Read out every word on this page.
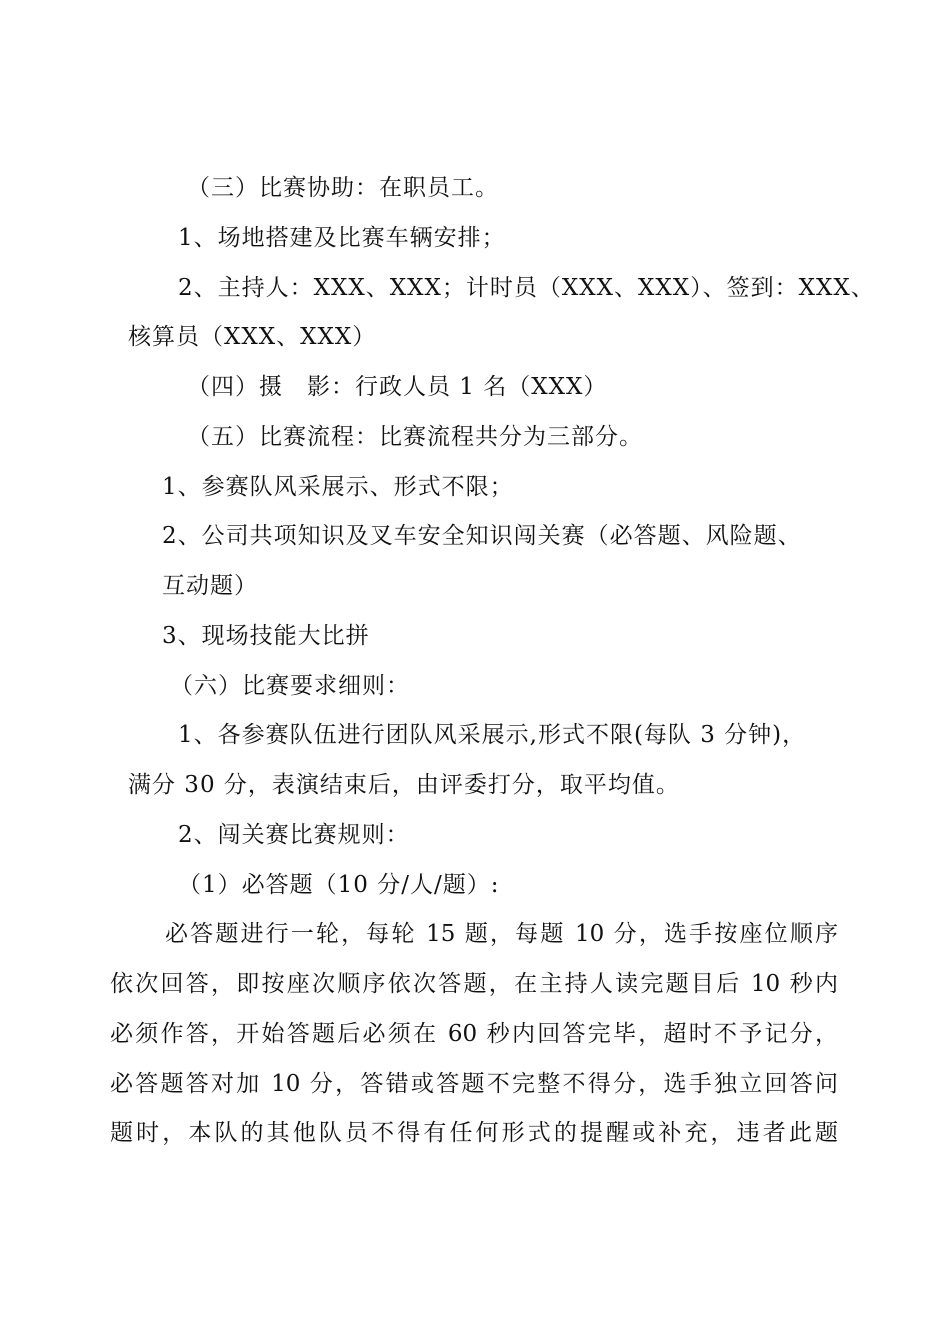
（三）比赛协助：在职员工。
1、场地搭建及比赛车辆安排；
2、主持人：XXX、XXX；计时员（XXX、XXX）、签到：XXX、
核算员（XXX、XXX）
（四）摄　影：行政人员 1 名（XXX）
（五）比赛流程：比赛流程共分为三部分。
1、参赛队风采展示、形式不限；
2、公司共项知识及叉车安全知识闯关赛（必答题、风险题、
互动题）
3、现场技能大比拼
（六）比赛要求细则：
1、各参赛队伍进行团队风采展示,形式不限(每队 3 分钟)，
满分 30 分，表演结束后，由评委打分，取平均值。
2、闯关赛比赛规则：
（1）必答题（10 分/人/题）:
必答题进行一轮，每轮 15 题，每题 10 分，选手按座位顺序
依次回答，即按座次顺序依次答题，在主持人读完题目后 10 秒内
必须作答，开始答题后必须在 60 秒内回答完毕，超时不予记分，
必答题答对加 10 分，答错或答题不完整不得分，选手独立回答问
题时，本队的其他队员不得有任何形式的提醒或补充，违者此题
